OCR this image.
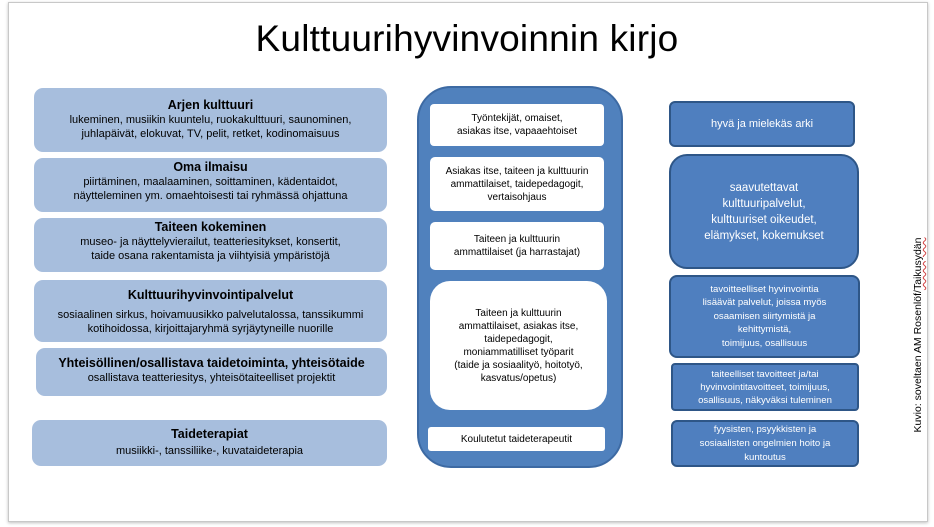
Kulttuurihyvinvoinnin kirjo
Arjen kulttuuri
lukeminen, musiikin kuuntelu, ruokakulttuuri, saunominen,
juhlapäivät, elokuvat, TV, pelit, retket, kodinomaisuus
Oma ilmaisu
piirtäminen, maalaaminen, soittaminen, kädentaidot,
näytteleminen ym. omaehtoisesti tai ryhmässä ohjattuna
Taiteen kokeminen
museo- ja näyttelyvierailut, teatteriesitykset, konsertit,
taide osana rakentamista ja viihtyisiä ympäristöjä
Kulttuurihyvinvointipalvelut
sosiaalinen sirkus, hoivamuusikko palvelutalossa, tanssikummi
kotihoidossa, kirjoittajaryhmä syrjäytyneille nuorille
Yhteisöllinen/osallistava taidetoiminta, yhteisötaide
osallistava teatteriesitys, yhteisötaiteelliset projektit
Taideterapiat
musiikki-, tanssiliike-, kuvataideterapia
Työntekijät, omaiset,
asiakas itse, vapaaehtoiset
Asiakas itse, taiteen ja kulttuurin
ammattilaiset, taidepedagogit,
vertaisohjaus
Taiteen ja kulttuurin
ammattilaiset (ja harrastajat)
Taiteen ja kulttuurin
ammattilaiset, asiakas itse,
taidepedagogit,
moniammatilliset työparit
(taide ja sosiaalityö, hoitotyö,
kasvatus/opetus)
Koulutetut taideterapeutit
hyvä ja mielekäs arki
saavutettavat
kulttuuripalvelut,
kulttuuriset oikeudet,
elämykset, kokemukset
tavoitteelliset hyvinvointia
lisäävät palvelut, joissa myös
osaamisen siirtymistä ja
kehittymistä,
toimijuus, osallisuus
taiteelliset tavoitteet ja/tai
hyvinvointitavoitteet, toimijuus,
osallisuus, näkyväksi tuleminen
fyysisten, psyykkisten ja
sosiaalisten ongelmien hoito ja
kuntoutus
Kuvio: soveltaen AM Rosenlöf/Taikusydän
